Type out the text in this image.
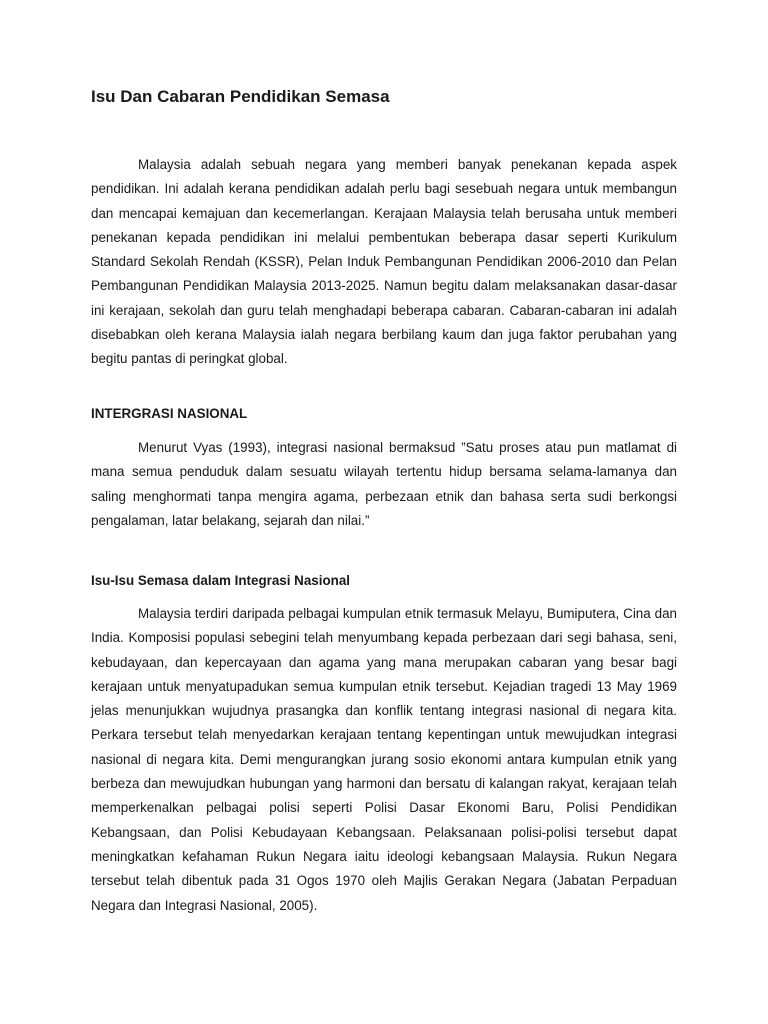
Isu Dan Cabaran Pendidikan Semasa

Malaysia adalah sebuah negara yang memberi banyak penekanan kepada aspek pendidikan. Ini adalah kerana pendidikan adalah perlu bagi sesebuah negara untuk membangun dan mencapai kemajuan dan kecemerlangan. Kerajaan Malaysia telah berusaha untuk memberi penekanan kepada pendidikan ini melalui pembentukan beberapa dasar seperti Kurikulum Standard Sekolah Rendah (KSSR), Pelan Induk Pembangunan Pendidikan 2006-2010 dan Pelan Pembangunan Pendidikan Malaysia 2013-2025. Namun begitu dalam melaksanakan dasar-dasar ini kerajaan, sekolah dan guru telah menghadapi beberapa cabaran. Cabaran-cabaran ini adalah disebabkan oleh kerana Malaysia ialah negara berbilang kaum dan juga faktor perubahan yang begitu pantas di peringkat global.

INTERGRASI NASIONAL

Menurut Vyas (1993), integrasi nasional bermaksud ”Satu proses atau pun matlamat di mana semua penduduk dalam sesuatu wilayah tertentu hidup bersama selama-lamanya dan saling menghormati tanpa mengira agama, perbezaan etnik dan bahasa serta sudi berkongsi pengalaman, latar belakang, sejarah dan nilai.”

Isu-Isu Semasa dalam Integrasi Nasional

Malaysia terdiri daripada pelbagai kumpulan etnik termasuk Melayu, Bumiputera, Cina dan India. Komposisi populasi sebegini telah menyumbang kepada perbezaan dari segi bahasa, seni, kebudayaan, dan kepercayaan dan agama yang mana merupakan cabaran yang besar bagi kerajaan untuk menyatupadukan semua kumpulan etnik tersebut. Kejadian tragedi 13 May 1969 jelas menunjukkan wujudnya prasangka dan konflik tentang integrasi nasional di negara kita. Perkara tersebut telah menyedarkan kerajaan tentang kepentingan untuk mewujudkan integrasi nasional di negara kita. Demi mengurangkan jurang sosio ekonomi antara kumpulan etnik yang berbeza dan mewujudkan hubungan yang harmoni dan bersatu di kalangan rakyat, kerajaan telah memperkenalkan pelbagai polisi seperti Polisi Dasar Ekonomi Baru, Polisi Pendidikan Kebangsaan, dan Polisi Kebudayaan Kebangsaan. Pelaksanaan polisi-polisi tersebut dapat meningkatkan kefahaman Rukun Negara iaitu ideologi kebangsaan Malaysia. Rukun Negara tersebut telah dibentuk pada 31 Ogos 1970 oleh Majlis Gerakan Negara (Jabatan Perpaduan Negara dan Integrasi Nasional, 2005).
